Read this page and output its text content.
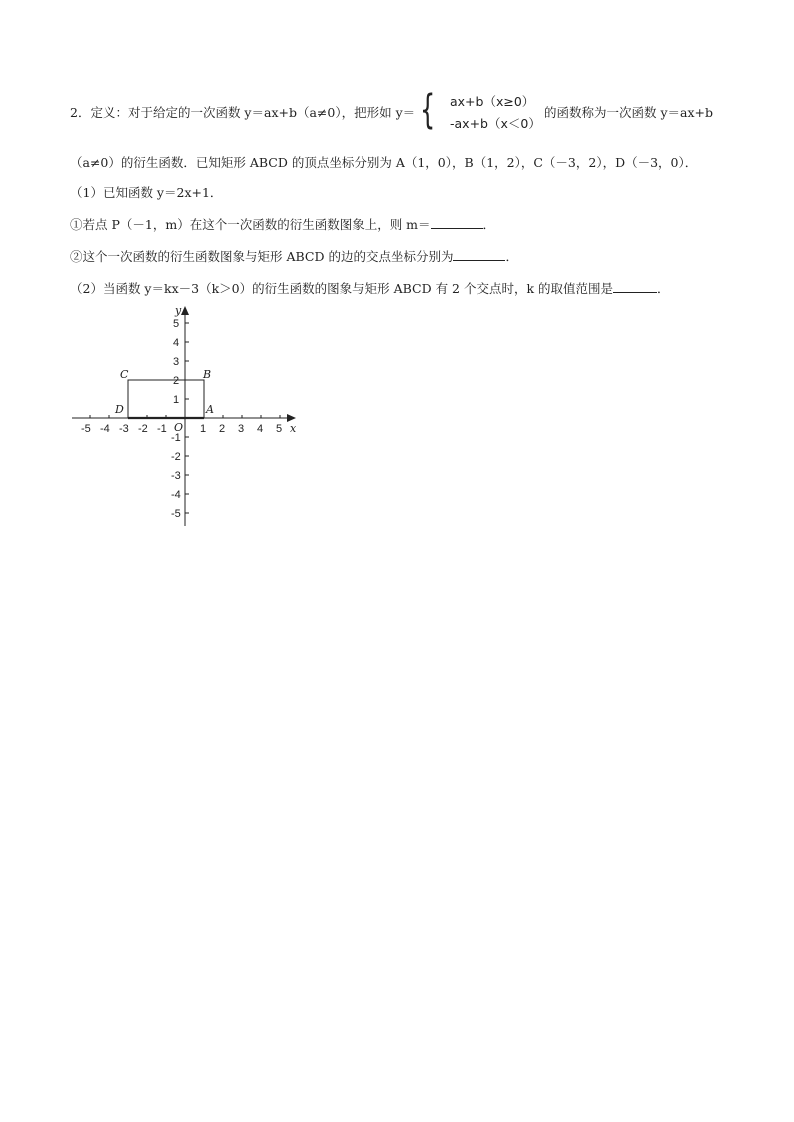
2．定义：对于给定的一次函数 y＝ax+b（a≠0），把形如 y＝ { ax+b（x≥0）
-ax+b（x＜0）
的函数称为一次函数 y＝ax+b
（a≠0）的衍生函数．已知矩形 ABCD 的顶点坐标分别为 A（1，0），B（1，2），C（－3，2），D（－3，0）．
（1）已知函数 y＝2x+1．
①若点 P（－1，m）在这个一次函数的衍生函数图象上，则 m＝	．
②这个一次函数的衍生函数图象与矩形 ABCD 的边的交点坐标分别为	．
（2）当函数 y＝kx－3（k＞0）的衍生函数的图象与矩形 ABCD 有 2 个交点时，k 的取值范围是	．
-5 -4 -3 -2 -1	1 2 3 4 5
5
4
3
2
1
-1
-2
-3
-4
-5
x
y
O
A
B
C
D
